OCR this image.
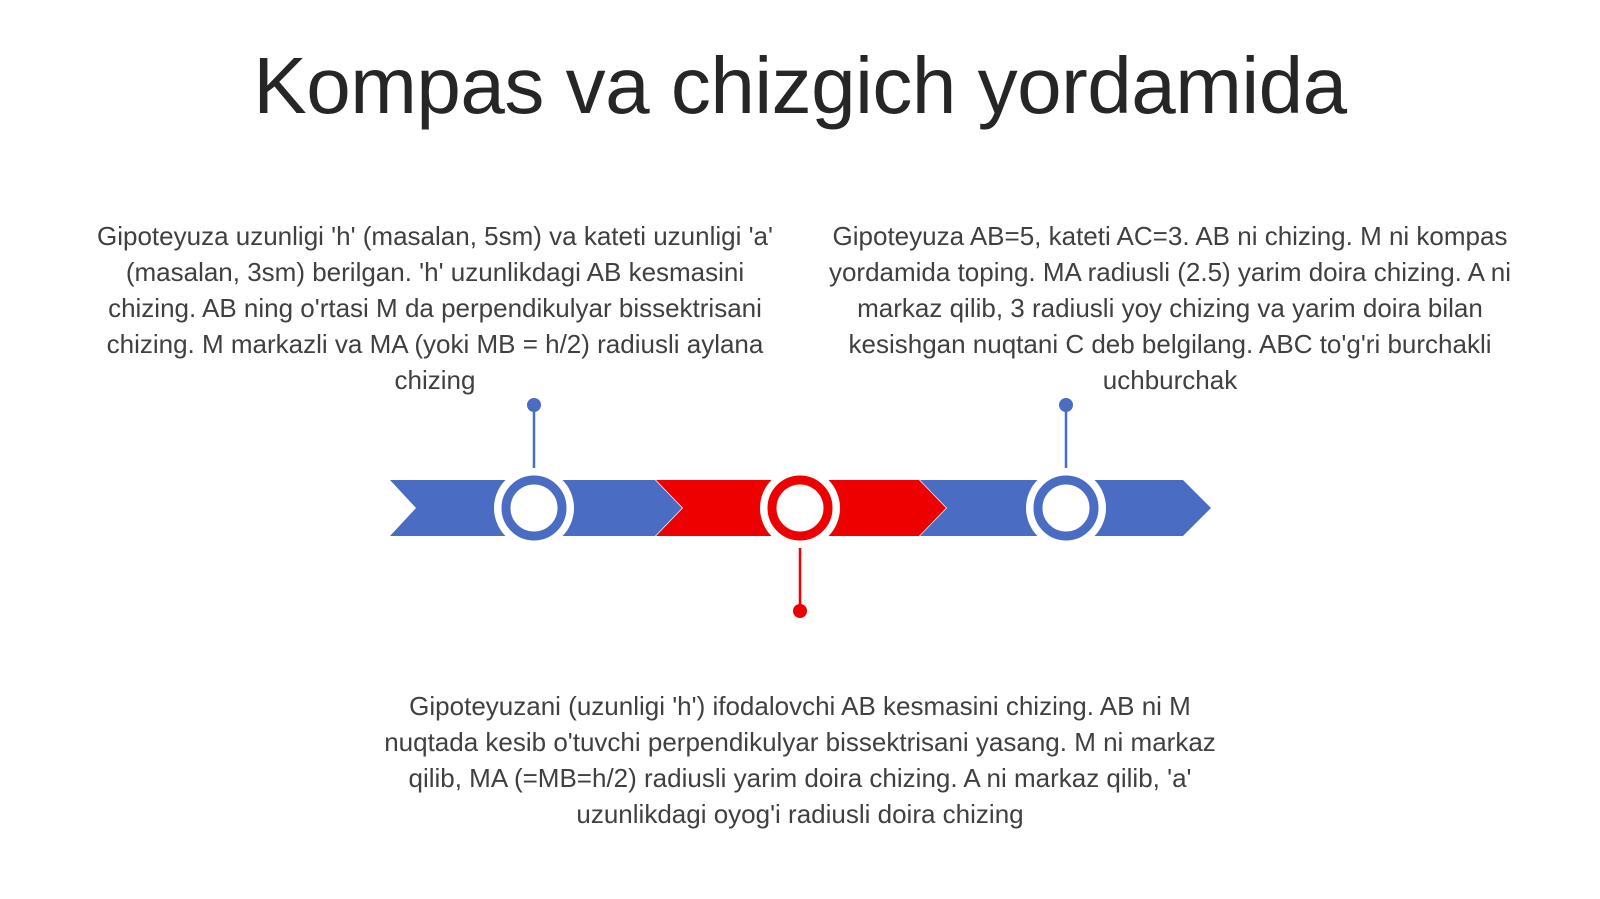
Kompas va chizgich yordamida
Gipoteyuza uzunligi 'h' (masalan, 5sm) va kateti uzunligi 'a' (masalan, 3sm) berilgan. 'h' uzunlikdagi AB kesmasini chizing. AB ning o'rtasi M da perpendikulyar bissektrisani chizing. M markazli va MA (yoki MB = h/2) radiusli aylana chizing
Gipoteyuza AB=5, kateti AC=3. AB ni chizing. M ni kompas yordamida toping. MA radiusli (2.5) yarim doira chizing. A ni markaz qilib, 3 radiusli yoy chizing va yarim doira bilan kesishgan nuqtani C deb belgilang. ABC to'g'ri burchakli uchburchak
Gipoteyuzani (uzunligi 'h') ifodalovchi AB kesmasini chizing. AB ni M nuqtada kesib o'tuvchi perpendikulyar bissektrisani yasang. M ni markaz qilib, MA (=MB=h/2) radiusli yarim doira chizing. A ni markaz qilib, 'a' uzunlikdagi oyog'i radiusli doira chizing
